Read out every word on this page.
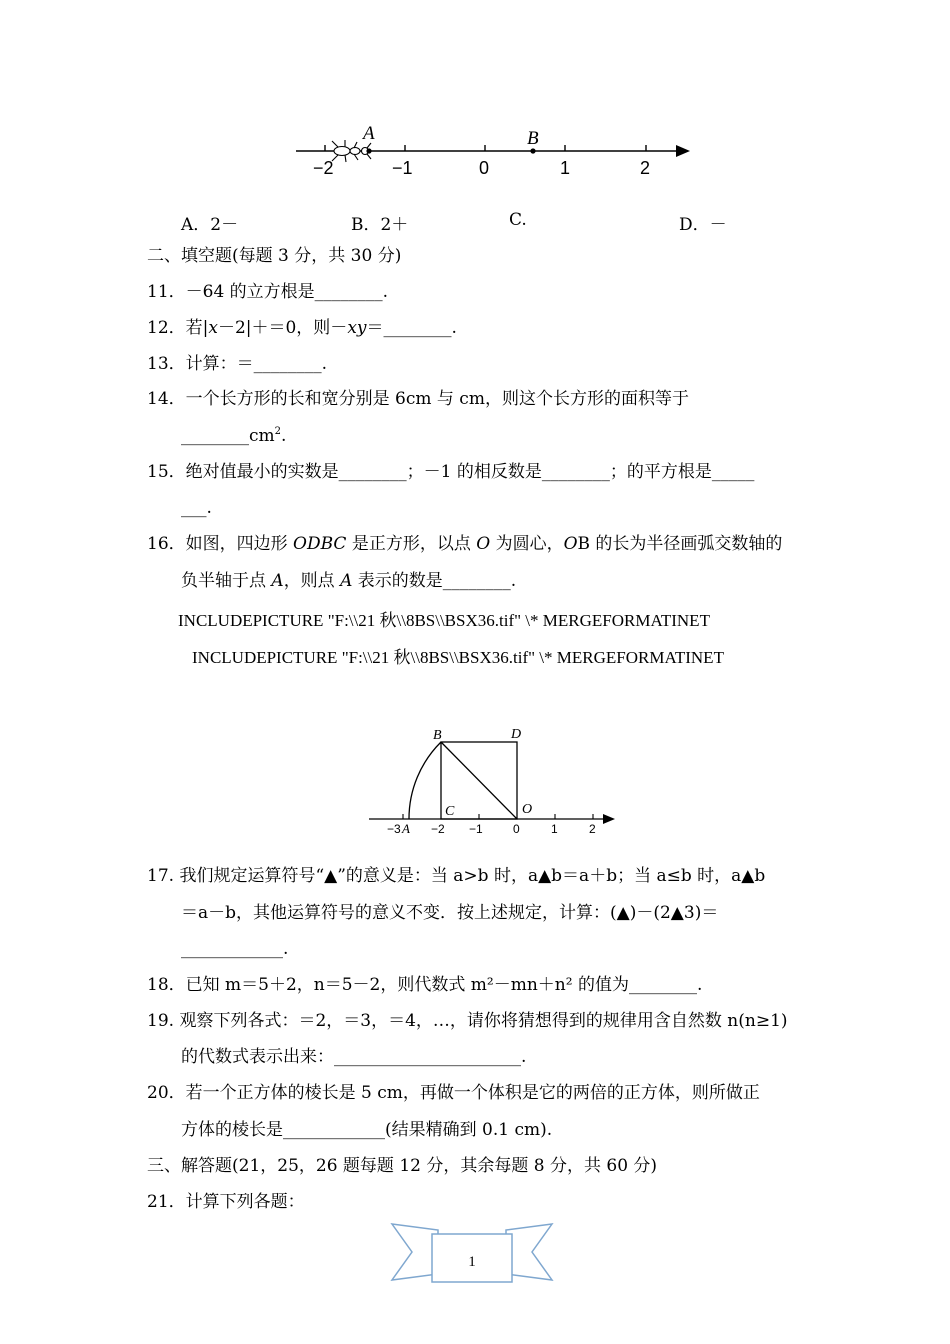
A	B
−2	−1	0	1	2
A．2－	B．2＋	C.	D．－
二、填空题(每题 3 分，共 30 分)
11．－64 的立方根是________.
12．若|x－2|＋＝0，则－xy＝________.
13．计算：＝________.
14．一个长方形的长和宽分别是 6cm 与 cm，则这个长方形的面积等于
$\_\_\_\_\_\_\_\_cm^2$.
15．绝对值最小的实数是________；－1 的相反数是________；的平方根是_____
___.
16．如图，四边形 ODBC 是正方形，以点 O 为圆心，OB 的长为半径画弧交数轴的
负半轴于点 A，则点 A 表示的数是________.
INCLUDEPICTURE "F:\\21 秋\\8BS\\BSX36.tif" \* MERGEFORMATINET
INCLUDEPICTURE "F:\\21 秋\\8BS\\BSX36.tif" \* MERGEFORMATINET
B	D
C	O
−3 A −2 −1	0	1	2
17. 我们规定运算符号“▲”的意义是：当 a>b 时，a▲b＝a＋b；当 a≤b 时，a▲b
＝a－b，其他运算符号的意义不变．按上述规定，计算：(▲)－(2▲3)＝
____________.
18．已知 m＝5＋2，n＝5－2，则代数式 m²－mn＋n² 的值为________.
19. 观察下列各式：＝2，＝3，＝4，…，请你将猜想得到的规律用含自然数 n(n≥1)
的代数式表示出来：______________________.
20．若一个正方体的棱长是 5 cm，再做一个体积是它的两倍的正方体，则所做正
方体的棱长是____________(结果精确到 0.1 cm).
三、解答题(21，25，26 题每题 12 分，其余每题 8 分，共 60 分)
21．计算下列各题：
1
